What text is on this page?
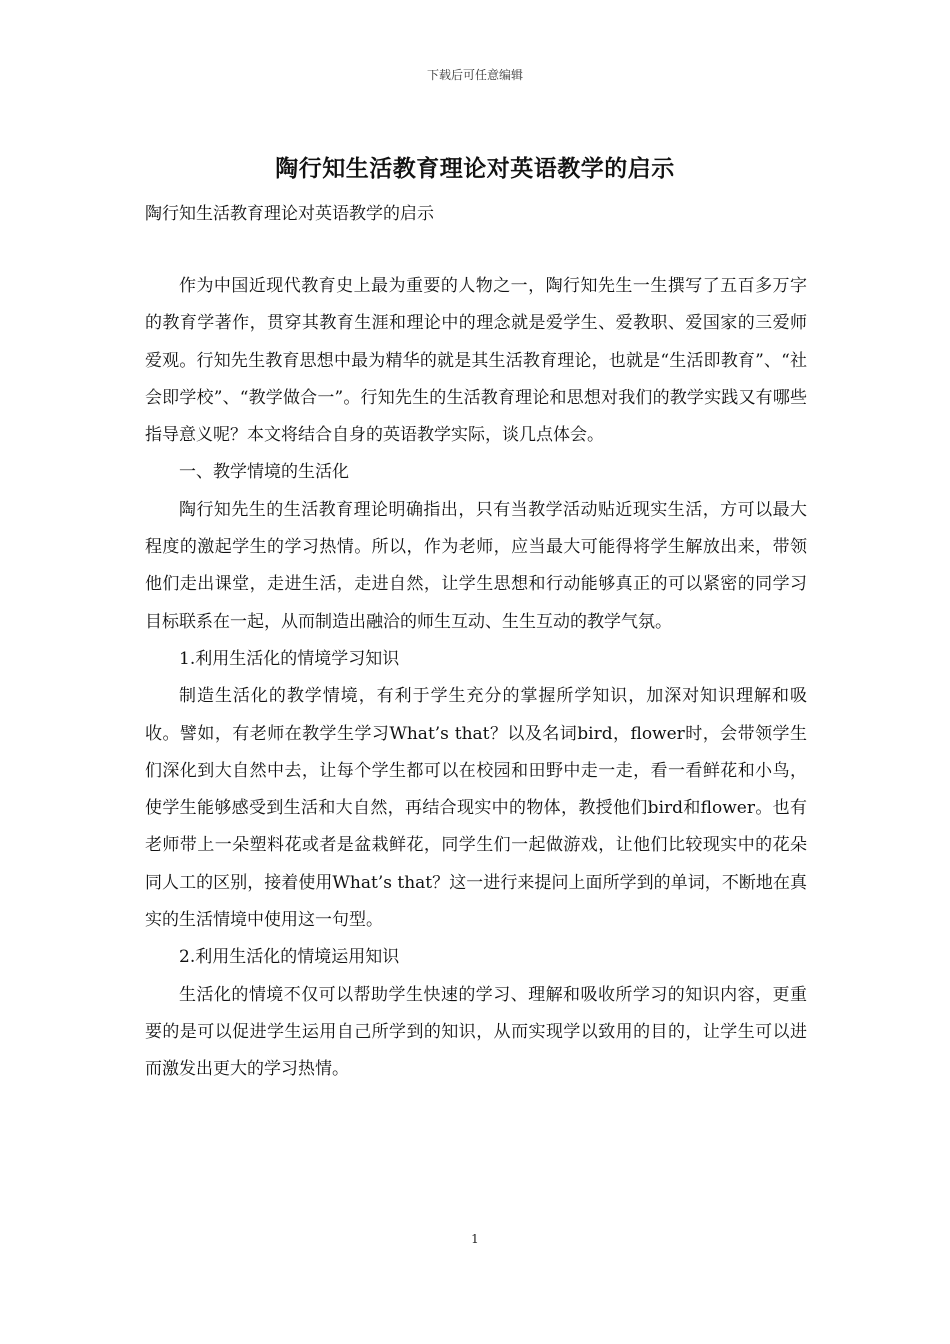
下载后可任意编辑
陶行知生活教育理论对英语教学的启示
陶行知生活教育理论对英语教学的启示

作为中国近现代教育史上最为重要的人物之一，陶行知先生一生撰写了五百多万字的教育学著作，贯穿其教育生涯和理论中的理念就是爱学生、爱教职、爱国家的三爱师爱观。行知先生教育思想中最为精华的就是其生活教育理论，也就是“生活即教育”、“社会即学校”、“教学做合一”。行知先生的生活教育理论和思想对我们的教学实践又有哪些指导意义呢？本文将结合自身的英语教学实际，谈几点体会。

一、教学情境的生活化

陶行知先生的生活教育理论明确指出，只有当教学活动贴近现实生活，方可以最大程度的激起学生的学习热情。所以，作为老师，应当最大可能得将学生解放出来，带领他们走出课堂，走进生活，走进自然，让学生思想和行动能够真正的可以紧密的同学习目标联系在一起，从而制造出融洽的师生互动、生生互动的教学气氛。

1.利用生活化的情境学习知识

制造生活化的教学情境，有利于学生充分的掌握所学知识，加深对知识理解和吸收。譬如，有老师在教学生学习What’s that？以及名词bird，flower时，会带领学生们深化到大自然中去，让每个学生都可以在校园和田野中走一走，看一看鲜花和小鸟，使学生能够感受到生活和大自然，再结合现实中的物体，教授他们bird和flower。也有老师带上一朵塑料花或者是盆栽鲜花，同学生们一起做游戏，让他们比较现实中的花朵同人工的区别，接着使用What’s that？这一进行来提问上面所学到的单词，不断地在真实的生活情境中使用这一句型。

2.利用生活化的情境运用知识

生活化的情境不仅可以帮助学生快速的学习、理解和吸收所学习的知识内容，更重要的是可以促进学生运用自己所学到的知识，从而实现学以致用的目的，让学生可以进而激发出更大的学习热情。

1
